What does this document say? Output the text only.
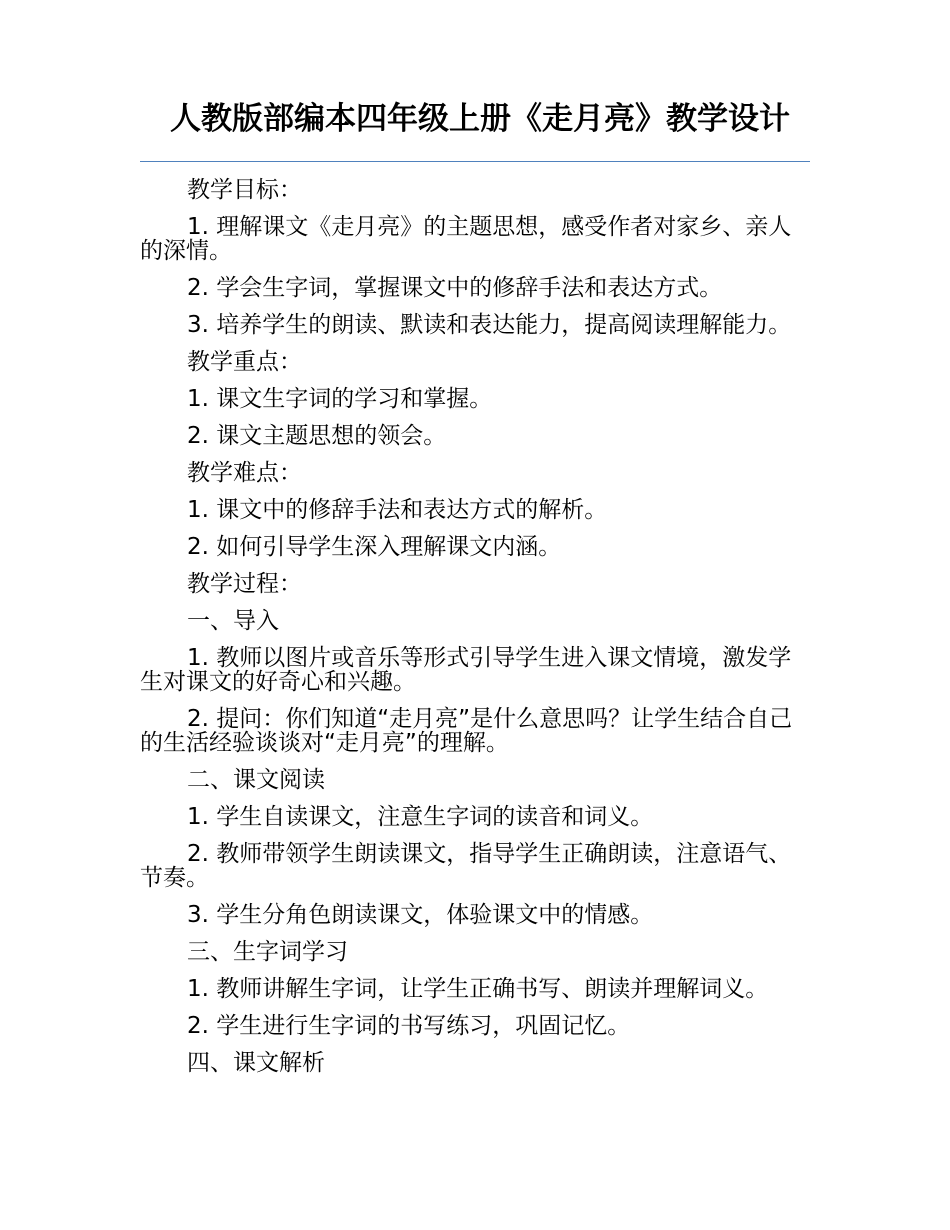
人教版部编本四年级上册《走月亮》教学设计

教学目标：

1. 理解课文《走月亮》的主题思想，感受作者对家乡、亲人的深情。

2. 学会生字词，掌握课文中的修辞手法和表达方式。

3. 培养学生的朗读、默读和表达能力，提高阅读理解能力。

教学重点：

1. 课文生字词的学习和掌握。

2. 课文主题思想的领会。

教学难点：

1. 课文中的修辞手法和表达方式的解析。

2. 如何引导学生深入理解课文内涵。

教学过程：

一、导入

1. 教师以图片或音乐等形式引导学生进入课文情境，激发学生对课文的好奇心和兴趣。

2. 提问：你们知道“走月亮”是什么意思吗？让学生结合自己的生活经验谈谈对“走月亮”的理解。

二、课文阅读

1. 学生自读课文，注意生字词的读音和词义。

2. 教师带领学生朗读课文，指导学生正确朗读，注意语气、节奏。

3. 学生分角色朗读课文，体验课文中的情感。

三、生字词学习

1. 教师讲解生字词，让学生正确书写、朗读并理解词义。

2. 学生进行生字词的书写练习，巩固记忆。

四、课文解析
